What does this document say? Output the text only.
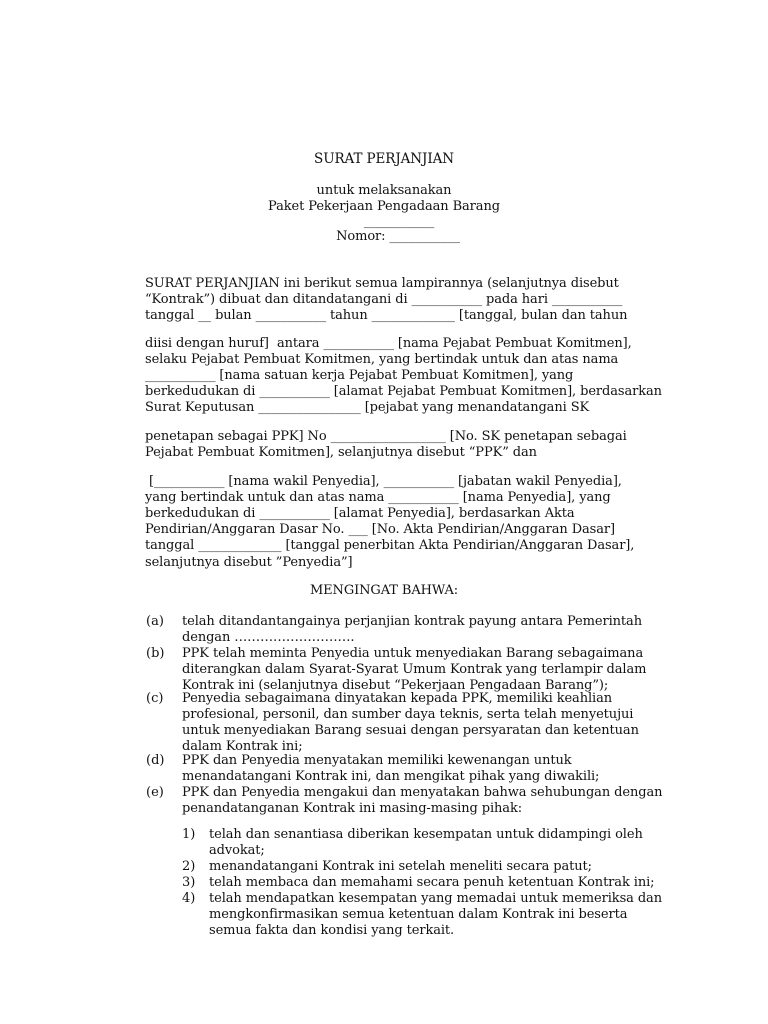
SURAT PERJANJIAN
untuk melaksanakan
Paket Pekerjaan Pengadaan Barang
___________
Nomor: ___________
SURAT PERJANJIAN ini berikut semua lampirannya (selanjutnya disebut
“Kontrak”) dibuat dan ditandatangani di ___________ pada hari ___________
tanggal __ bulan ___________ tahun _____________ [tanggal, bulan dan tahun
diisi dengan huruf]  antara ___________ [nama Pejabat Pembuat Komitmen],
selaku Pejabat Pembuat Komitmen, yang bertindak untuk dan atas nama
___________ [nama satuan kerja Pejabat Pembuat Komitmen], yang
berkedudukan di ___________ [alamat Pejabat Pembuat Komitmen], berdasarkan
Surat Keputusan ________________ [pejabat yang menandatangani SK
penetapan sebagai PPK] No __________________ [No. SK penetapan sebagai
Pejabat Pembuat Komitmen], selanjutnya disebut “PPK” dan
[___________ [nama wakil Penyedia], ___________ [jabatan wakil Penyedia],
yang bertindak untuk dan atas nama ___________ [nama Penyedia], yang
berkedudukan di ___________ [alamat Penyedia], berdasarkan Akta
Pendirian/Anggaran Dasar No. ___ [No. Akta Pendirian/Anggaran Dasar]
tanggal _____________ [tanggal penerbitan Akta Pendirian/Anggaran Dasar],
selanjutnya disebut ”Penyedia”]
MENGINGAT BAHWA:
(a) telah ditandantangainya perjanjian kontrak payung antara Pemerintah
dengan ……………………….
(b) PPK telah meminta Penyedia untuk menyediakan Barang sebagaimana
diterangkan dalam Syarat-Syarat Umum Kontrak yang terlampir dalam
Kontrak ini (selanjutnya disebut “Pekerjaan Pengadaan Barang”);
(c) Penyedia sebagaimana dinyatakan kepada PPK, memiliki keahlian
profesional, personil, dan sumber daya teknis, serta telah menyetujui
untuk menyediakan Barang sesuai dengan persyaratan dan ketentuan
dalam Kontrak ini;
(d) PPK dan Penyedia menyatakan memiliki kewenangan untuk
menandatangani Kontrak ini, dan mengikat pihak yang diwakili;
(e) PPK dan Penyedia mengakui dan menyatakan bahwa sehubungan dengan
penandatanganan Kontrak ini masing-masing pihak:
1) telah dan senantiasa diberikan kesempatan untuk didampingi oleh
advokat;
2) menandatangani Kontrak ini setelah meneliti secara patut;
3) telah membaca dan memahami secara penuh ketentuan Kontrak ini;
4) telah mendapatkan kesempatan yang memadai untuk memeriksa dan
mengkonfirmasikan semua ketentuan dalam Kontrak ini beserta
semua fakta dan kondisi yang terkait.
